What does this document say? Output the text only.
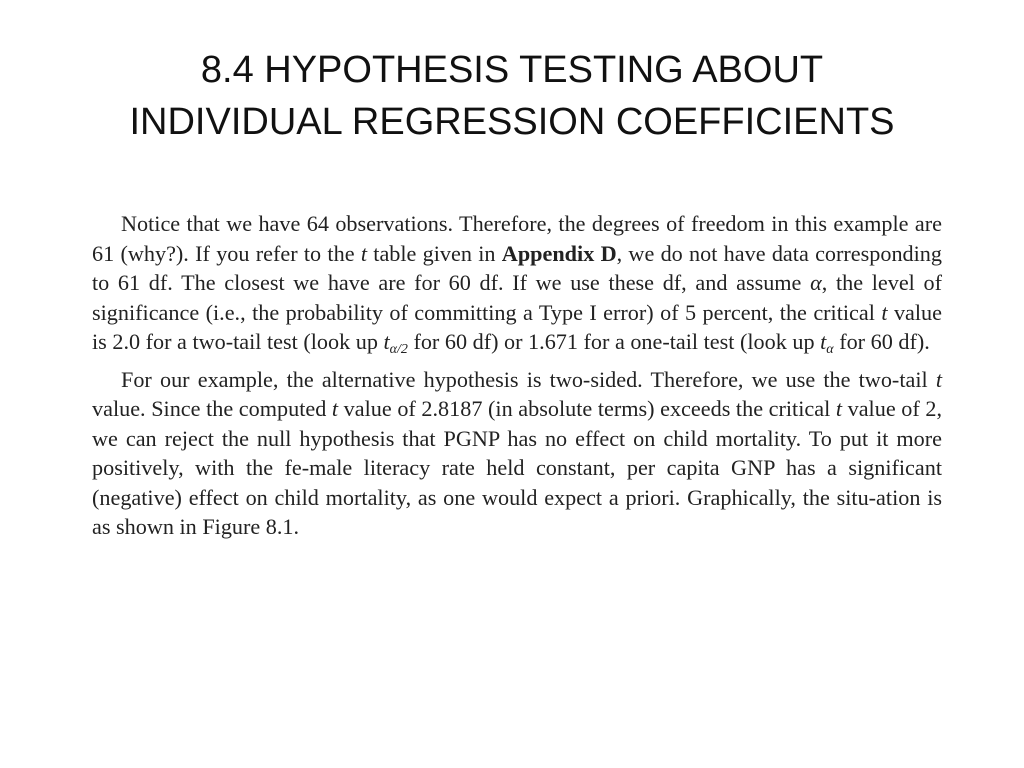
8.4 HYPOTHESIS TESTING ABOUT
INDIVIDUAL REGRESSION COEFFICIENTS

Notice that we have 64 observations. Therefore, the degrees of freedom in this example are 61 (why?). If you refer to the t table given in Appendix D, we do not have data corresponding to 61 df. The closest we have are for 60 df. If we use these df, and assume α, the level of significance (i.e., the probability of committing a Type I error) of 5 percent, the critical t value is 2.0 for a two-tail test (look up $t_{\alpha/2}$ for 60 df) or 1.671 for a one-tail test (look up $t_\alpha$ for 60 df).

For our example, the alternative hypothesis is two-sided. Therefore, we use the two-tail t value. Since the computed t value of 2.8187 (in absolute terms) exceeds the critical t value of 2, we can reject the null hypothesis that PGNP has no effect on child mortality. To put it more positively, with the fe-male literacy rate held constant, per capita GNP has a significant (negative) effect on child mortality, as one would expect a priori. Graphically, the situ-ation is as shown in Figure 8.1.
